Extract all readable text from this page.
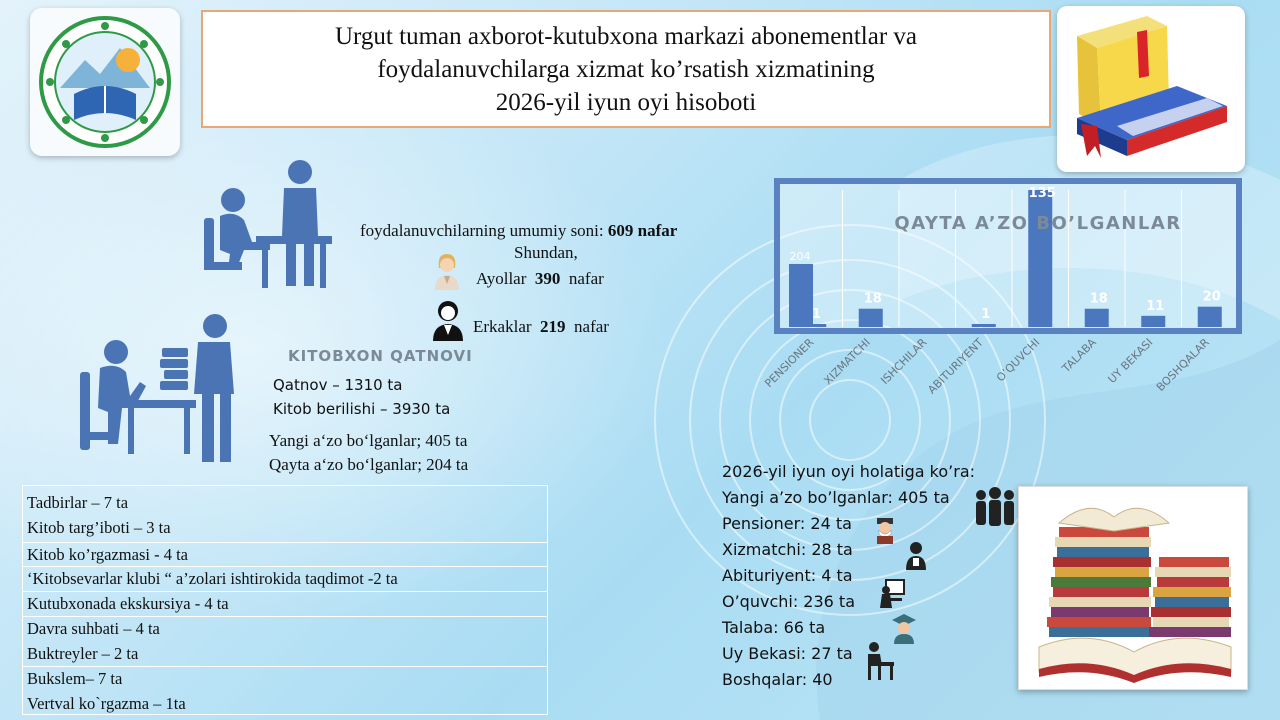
Urgut tuman axborot-kutubxona markazi abonementlar va
foydalanuvchilarga xizmat ko’rsatish xizmatining
2026-yil iyun oyi hisoboti
foydalanuvchilarning umumiy soni: 609 nafar
Shundan,
Ayollar 390 nafar
Erkaklar 219 nafar
KITOBXON QATNOVI
Qatnov – 1310 ta
Kitob berilishi – 3930 ta
Yangi a‘zo bo‘lganlar; 405 ta
Qayta a‘zo bo‘lganlar; 204 ta
Tadbirlar – 7 ta
Kitob targ’iboti – 3 ta
Kitob ko’rgazmasi - 4 ta
‘Kitobsevarlar klubi “ a’zolari ishtirokida taqdimot -2 ta
Kutubxonada ekskursiya - 4 ta
Davra suhbati – 4 ta
Buktreyler – 2 ta
Bukslem– 7 ta
Vertval ko`rgazma – 1ta
204
1
PENSIONER
18
XIZMATCHI ISHCHILAR
1
ABITURIYENT
135
O’QUVCHI
18
TALABA
11
UY BEKASI
20
BOSHQALAR
QAYTA A’ZO BO’LGANLAR
2026-yil iyun oyi holatiga ko’ra:
Yangi a’zo bo’lganlar: 405 ta
Pensioner: 24 ta
Xizmatchi: 28 ta
Abituriyent: 4 ta
O’quvchi: 236 ta
Talaba: 66 ta
Uy Bekasi: 27 ta
Boshqalar: 40
